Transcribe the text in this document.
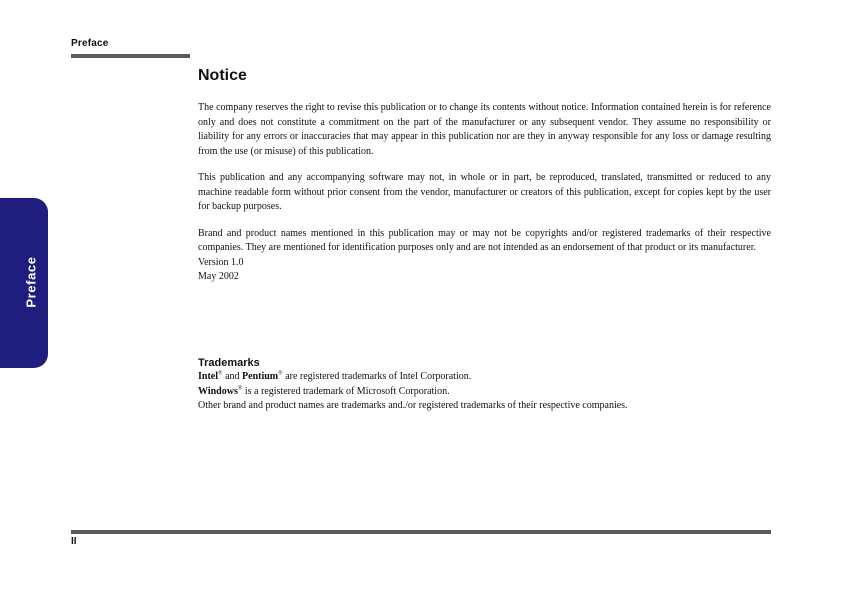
Preface
Preface
Notice

The company reserves the right to revise this publication or to change its contents without notice. Information contained herein is for reference only and does not constitute a commitment on the part of the manufacturer or any subsequent vendor. They assume no responsibility or liability for any errors or inaccuracies that may appear in this publication nor are they in anyway responsible for any loss or damage resulting from the use (or misuse) of this publication.

This publication and any accompanying software may not, in whole or in part, be reproduced, translated, transmitted or reduced to any machine readable form without prior consent from the vendor, manufacturer or creators of this publication, except for copies kept by the user for backup purposes.

Brand and product names mentioned in this publication may or may not be copyrights and/or registered trademarks of their respective companies. They are mentioned for identification purposes only and are not intended as an endorsement of that product or its manufacturer.

Version 1.0
May 2002
Trademarks
Intel® and Pentium® are registered trademarks of Intel Corporation.
Windows® is a registered trademark of Microsoft Corporation.
Other brand and product names are trademarks and./or registered trademarks of their respective companies.
II
